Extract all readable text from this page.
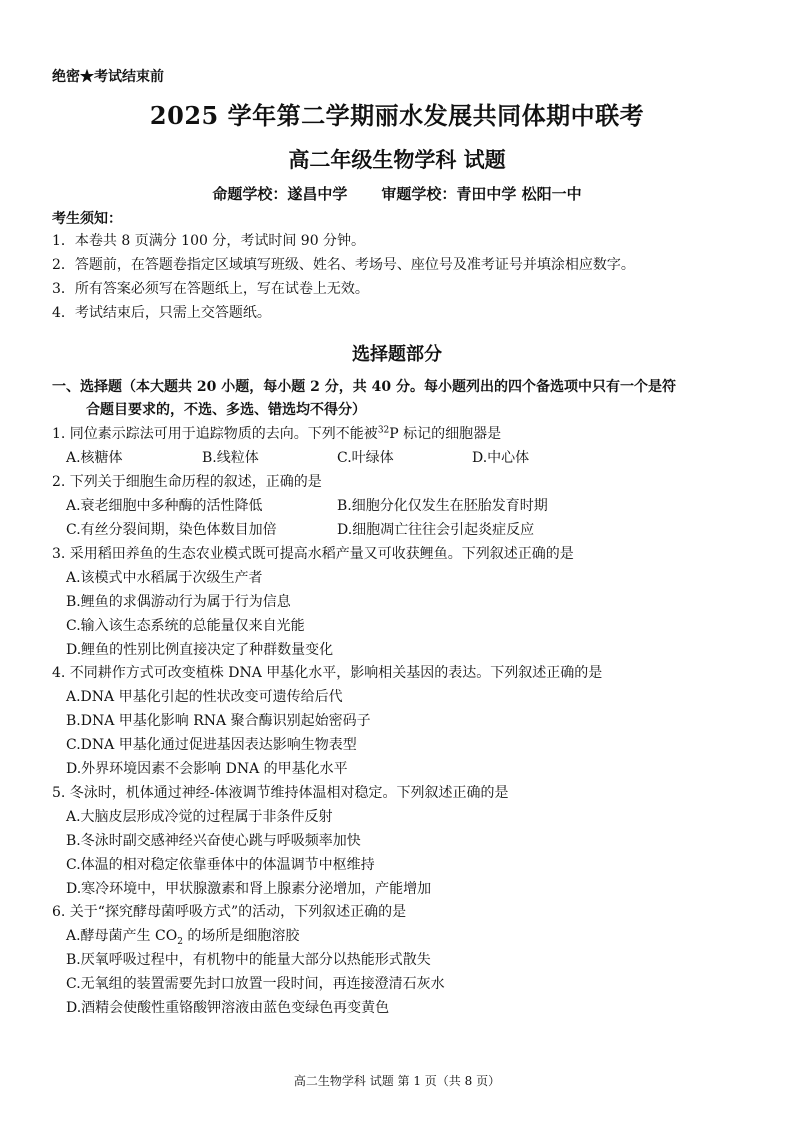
绝密★考试结束前
2025 学年第二学期丽水发展共同体期中联考
高二年级生物学科 试题
命题学校：遂昌中学 审题学校：青田中学 松阳一中
考生须知：
1．本卷共 8 页满分 100 分，考试时间 90 分钟。
2．答题前，在答题卷指定区域填写班级、姓名、考场号、座位号及准考证号并填涂相应数字。
3．所有答案必须写在答题纸上，写在试卷上无效。
4．考试结束后，只需上交答题纸。
选择题部分
一、选择题（本大题共 20 小题，每小题 2 分，共 40 分。每小题列出的四个备选项中只有一个是符
合题目要求的，不选、多选、错选均不得分）
1. 同位素示踪法可用于追踪物质的去向。下列不能被$^{32}$P 标记的细胞器是
A.核糖体	B.线粒体	C.叶绿体	D.中心体
2. 下列关于细胞生命历程的叙述，正确的是
A.衰老细胞中多种酶的活性降低	B.细胞分化仅发生在胚胎发育时期
C.有丝分裂间期，染色体数目加倍	D.细胞凋亡往往会引起炎症反应
3. 采用稻田养鱼的生态农业模式既可提高水稻产量又可收获鲤鱼。下列叙述正确的是
A.该模式中水稻属于次级生产者
B.鲤鱼的求偶游动行为属于行为信息
C.输入该生态系统的总能量仅来自光能
D.鲤鱼的性别比例直接决定了种群数量变化
4. 不同耕作方式可改变植株 DNA 甲基化水平，影响相关基因的表达。下列叙述正确的是
A.DNA 甲基化引起的性状改变可遗传给后代
B.DNA 甲基化影响 RNA 聚合酶识别起始密码子
C.DNA 甲基化通过促进基因表达影响生物表型
D.外界环境因素不会影响 DNA 的甲基化水平
5. 冬泳时，机体通过神经-体液调节维持体温相对稳定。下列叙述正确的是
A.大脑皮层形成冷觉的过程属于非条件反射
B.冬泳时副交感神经兴奋使心跳与呼吸频率加快
C.体温的相对稳定依靠垂体中的体温调节中枢维持
D.寒冷环境中，甲状腺激素和肾上腺素分泌增加，产能增加
6. 关于“探究酵母菌呼吸方式”的活动，下列叙述正确的是
A.酵母菌产生 $CO_2$ 的场所是细胞溶胶
B.厌氧呼吸过程中，有机物中的能量大部分以热能形式散失
C.无氧组的装置需要先封口放置一段时间，再连接澄清石灰水
D.酒精会使酸性重铬酸钾溶液由蓝色变绿色再变黄色
高二生物学科 试题 第 1 页（共 8 页）
